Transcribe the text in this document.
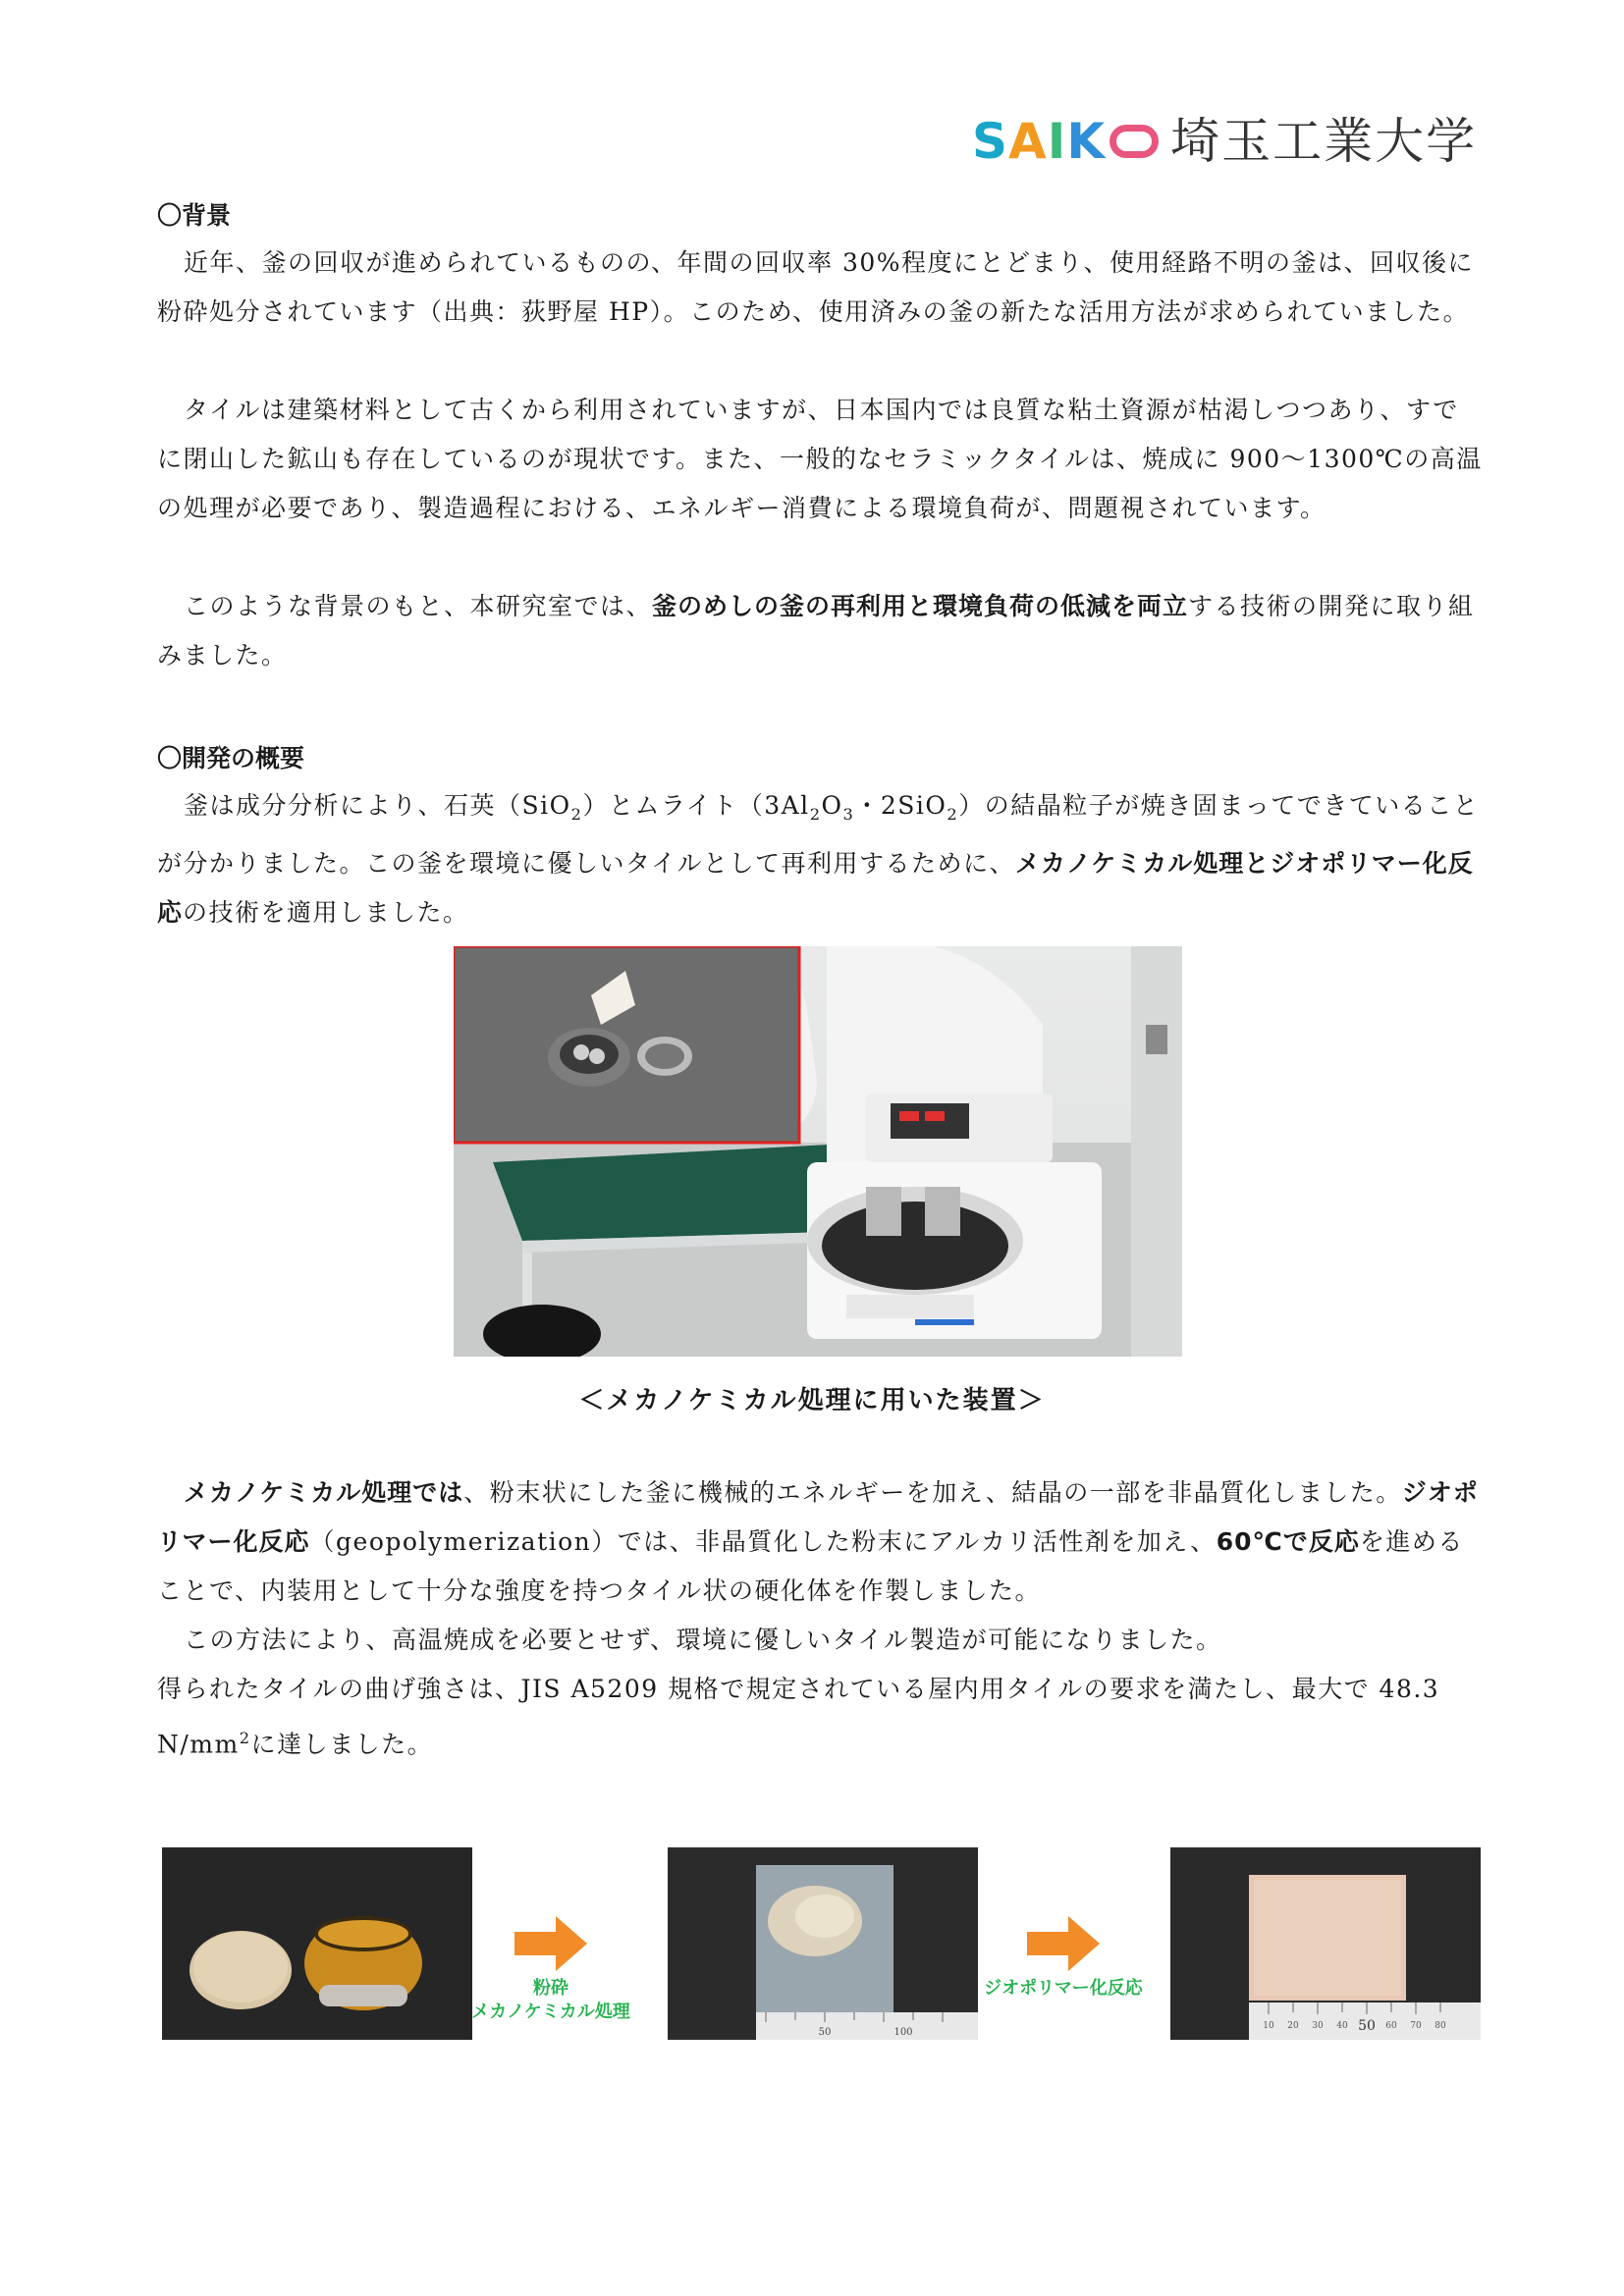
S A I K 埼玉工業大学
〇背景

近年、釜の回収が進められているものの、年間の回収率 30%程度にとどまり、使用経路不明の釜は、回収後に粉砕処分されています（出典：荻野屋 HP）。このため、使用済みの釜の新たな活用方法が求められていました。

タイルは建築材料として古くから利用されていますが、日本国内では良質な粘土資源が枯渇しつつあり、すでに閉山した鉱山も存在しているのが現状です。また、一般的なセラミックタイルは、焼成に 900～1300℃の高温の処理が必要であり、製造過程における、エネルギー消費による環境負荷が、問題視されています。

このような背景のもと、本研究室では、釜のめしの釜の再利用と環境負荷の低減を両立する技術の開発に取り組みました。

〇開発の概要

釜は成分分析により、石英（SiO$_2$）とムライト（$3Al_2O_3$・2SiO$_2$）の結晶粒子が焼き固まってできていることが分かりました。この釜を環境に優しいタイルとして再利用するために、メカノケミカル処理とジオポリマー化反応の技術を適用しました。

＜メカノケミカル処理に用いた装置＞

メカノケミカル処理では、粉末状にした釜に機械的エネルギーを加え、結晶の一部を非晶質化しました。ジオポリマー化反応（geopolymerization）では、非晶質化した粉末にアルカリ活性剤を加え、60℃で反応を進めることで、内装用として十分な強度を持つタイル状の硬化体を作製しました。

この方法により、高温焼成を必要とせず、環境に優しいタイル製造が可能になりました。

得られたタイルの曲げ強さは、JIS A5209 規格で規定されている屋内用タイルの要求を満たし、最大で 48.3 $N/mm^2$に達しました。

粉砕
メカノケミカル処理
50	100
ジオポリマー化反応
10 20 30 40 50 60 70 80
